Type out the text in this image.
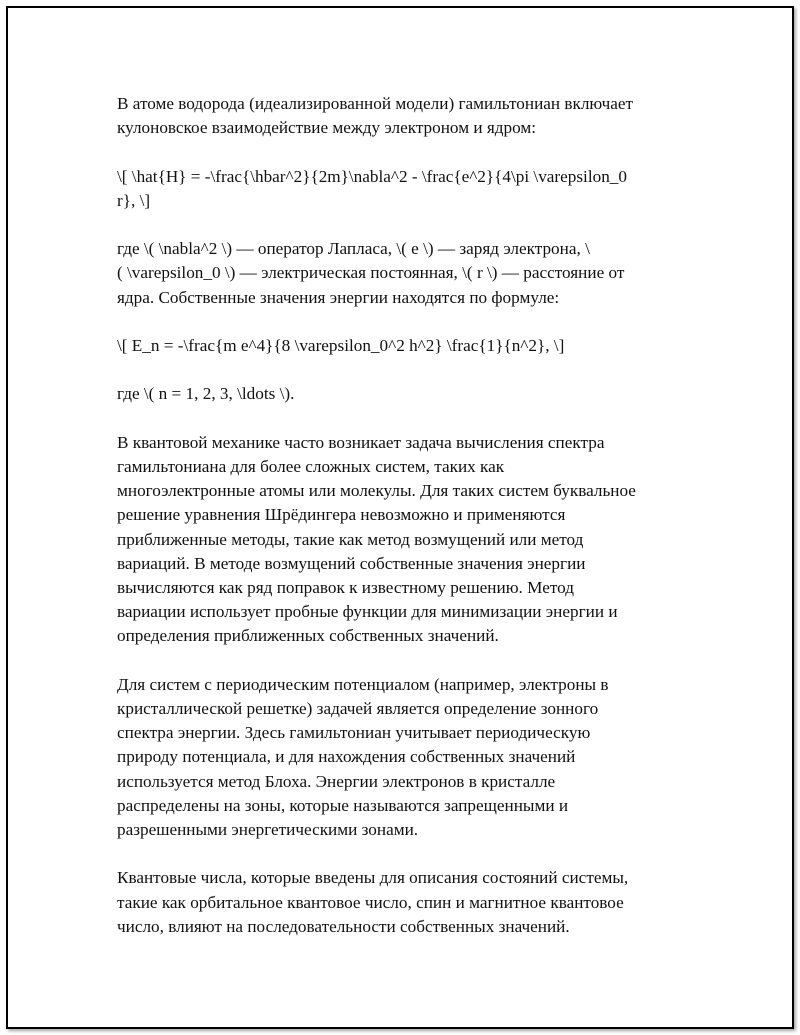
В атоме водорода (идеализированной модели) гамильтониан включает
кулоновское взаимодействие между электроном и ядром:

\[ \hat{H} = -\frac{\hbar^2}{2m}\nabla^2 - \frac{e^2}{4\pi \varepsilon_0
r}, \]

где \( \nabla^2 \) — оператор Лапласа, \( e \) — заряд электрона, \
( \varepsilon_0 \) — электрическая постоянная, \( r \) — расстояние от
ядра. Собственные значения энергии находятся по формуле:

\[ E_n = -\frac{m e^4}{8 \varepsilon_0^2 h^2} \frac{1}{n^2}, \]

где \( n = 1, 2, 3, \ldots \).

В квантовой механике часто возникает задача вычисления спектра
гамильтониана для более сложных систем, таких как
многоэлектронные атомы или молекулы. Для таких систем буквальное
решение уравнения Шрёдингера невозможно и применяются
приближенные методы, такие как метод возмущений или метод
вариаций. В методе возмущений собственные значения энергии
вычисляются как ряд поправок к известному решению. Метод
вариации использует пробные функции для минимизации энергии и
определения приближенных собственных значений.

Для систем с периодическим потенциалом (например, электроны в
кристаллической решетке) задачей является определение зонного
спектра энергии. Здесь гамильтониан учитывает периодическую
природу потенциала, и для нахождения собственных значений
используется метод Блоха. Энергии электронов в кристалле
распределены на зоны, которые называются запрещенными и
разрешенными энергетическими зонами.

Квантовые числа, которые введены для описания состояний системы,
такие как орбитальное квантовое число, спин и магнитное квантовое
число, влияют на последовательности собственных значений.
